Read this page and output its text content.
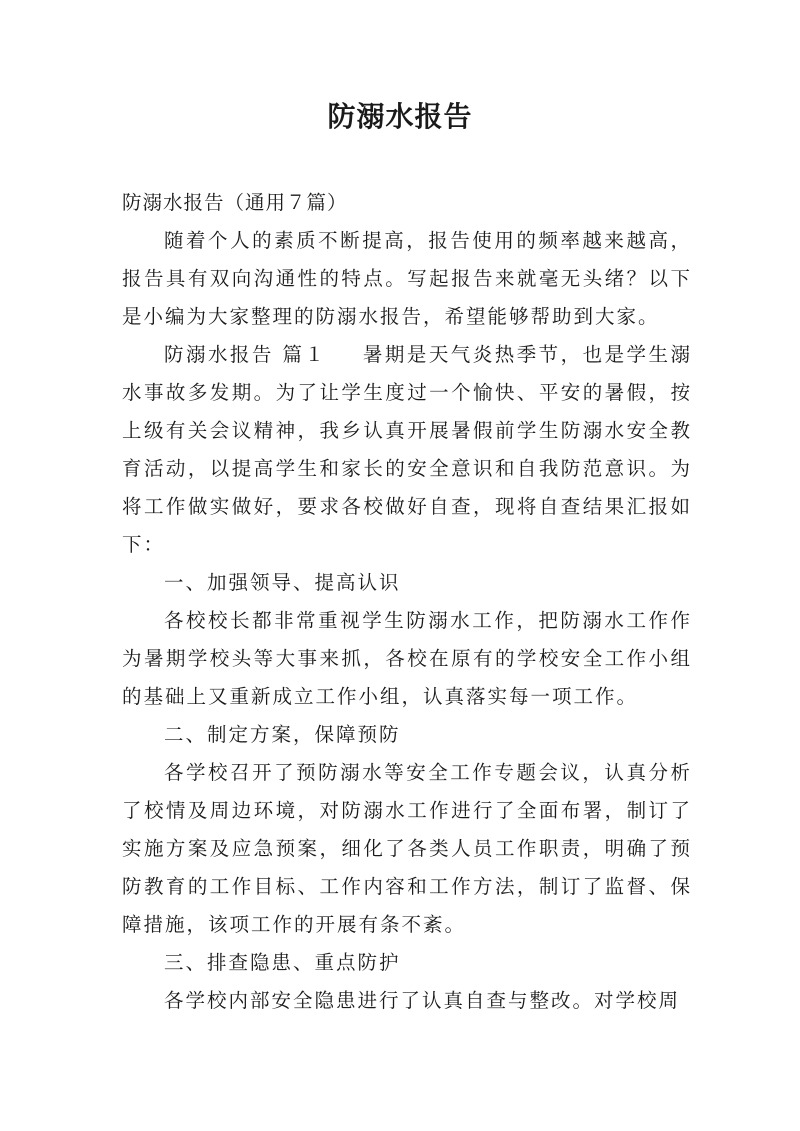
防溺水报告

防溺水报告（通用７篇）

随着个人的素质不断提高，报告使用的频率越来越高，报告具有双向沟通性的特点。写起报告来就毫无头绪？以下是小编为大家整理的防溺水报告，希望能够帮助到大家。

防溺水报告 篇１ 暑期是天气炎热季节，也是学生溺水事故多发期。为了让学生度过一个愉快、平安的暑假，按上级有关会议精神，我乡认真开展暑假前学生防溺水安全教育活动，以提高学生和家长的安全意识和自我防范意识。为将工作做实做好，要求各校做好自查，现将自查结果汇报如下：

一、加强领导、提高认识

各校校长都非常重视学生防溺水工作，把防溺水工作作为暑期学校头等大事来抓，各校在原有的学校安全工作小组的基础上又重新成立工作小组，认真落实每一项工作。

二、制定方案，保障预防

各学校召开了预防溺水等安全工作专题会议，认真分析了校情及周边环境，对防溺水工作进行了全面布署，制订了实施方案及应急预案，细化了各类人员工作职责，明确了预防教育的工作目标、工作内容和工作方法，制订了监督、保障措施，该项工作的开展有条不紊。

三、排查隐患、重点防护

各学校内部安全隐患进行了认真自查与整改。对学校周
